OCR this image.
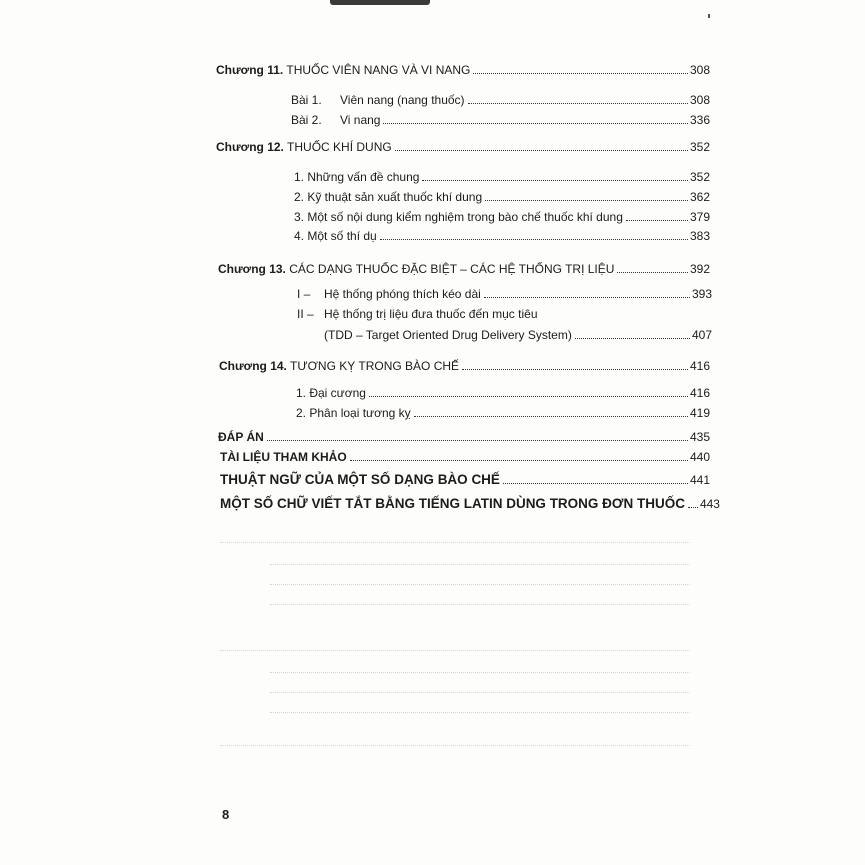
Chương 11. THUỐC VIÊN NANG VÀ VI NANG	308
Bài 1. Viên nang (nang thuốc)	308
Bài 2. Vi nang	336
Chương 12. THUỐC KHÍ DUNG	352
1. Những vấn đề chung	352
2. Kỹ thuật sản xuất thuốc khí dung	362
3. Một số nội dung kiểm nghiệm trong bào chế thuốc khí dung	379
4. Một số thí dụ	383
Chương 13. CÁC DẠNG THUỐC ĐẶC BIỆT – CÁC HỆ THỐNG TRỊ LIỆU	392
I – Hệ thống phóng thích kéo dài	393
II – Hệ thống trị liệu đưa thuốc đến mục tiêu
(TDD – Target Oriented Drug Delivery System)	407
Chương 14. TƯƠNG KỴ TRONG BÀO CHẾ	416
1. Đại cương	416
2. Phân loại tương kỵ	419
ĐÁP ÁN	435
TÀI LIỆU THAM KHẢO	440
THUẬT NGỮ CỦA MỘT SỐ DẠNG BÀO CHẾ	441
MỘT SỐ CHỮ VIẾT TẮT BẰNG TIẾNG LATIN DÙNG TRONG ĐƠN THUỐC 443
8
